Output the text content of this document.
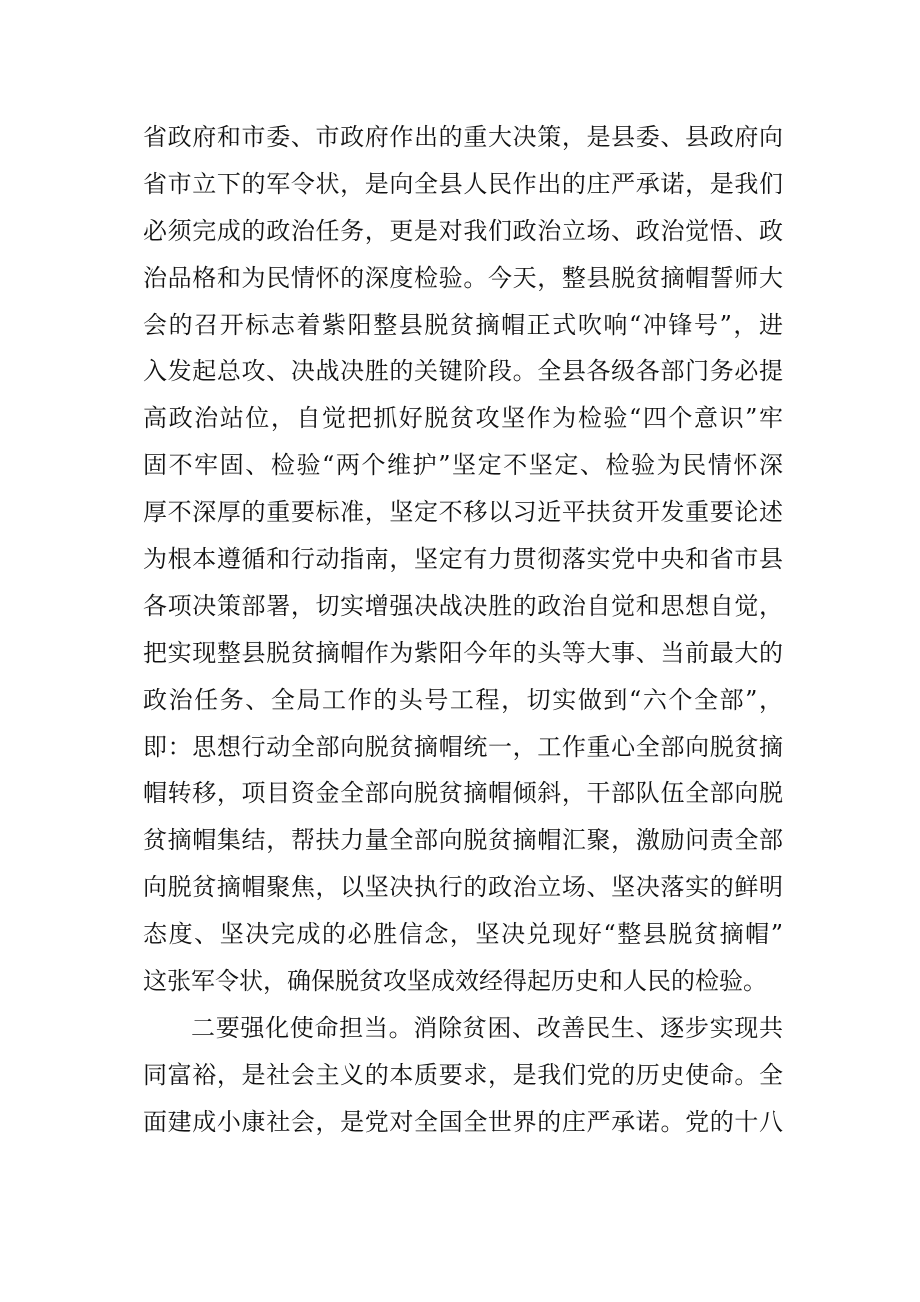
省政府和市委、市政府作出的重大决策，是县委、县政府向
省市立下的军令状，是向全县人民作出的庄严承诺，是我们
必须完成的政治任务，更是对我们政治立场、政治觉悟、政
治品格和为民情怀的深度检验。今天，整县脱贫摘帽誓师大
会的召开标志着紫阳整县脱贫摘帽正式吹响“冲锋号”，进
入发起总攻、决战决胜的关键阶段。全县各级各部门务必提
高政治站位，自觉把抓好脱贫攻坚作为检验“四个意识”牢
固不牢固、检验“两个维护”坚定不坚定、检验为民情怀深
厚不深厚的重要标准，坚定不移以习近平扶贫开发重要论述
为根本遵循和行动指南，坚定有力贯彻落实党中央和省市县
各项决策部署，切实增强决战决胜的政治自觉和思想自觉，
把实现整县脱贫摘帽作为紫阳今年的头等大事、当前最大的
政治任务、全局工作的头号工程，切实做到“六个全部”，
即：思想行动全部向脱贫摘帽统一，工作重心全部向脱贫摘
帽转移，项目资金全部向脱贫摘帽倾斜，干部队伍全部向脱
贫摘帽集结，帮扶力量全部向脱贫摘帽汇聚，激励问责全部
向脱贫摘帽聚焦，以坚决执行的政治立场、坚决落实的鲜明
态度、坚决完成的必胜信念，坚决兑现好“整县脱贫摘帽”
这张军令状，确保脱贫攻坚成效经得起历史和人民的检验。
二要强化使命担当。消除贫困、改善民生、逐步实现共
同富裕，是社会主义的本质要求，是我们党的历史使命。全
面建成小康社会，是党对全国全世界的庄严承诺。党的十八
